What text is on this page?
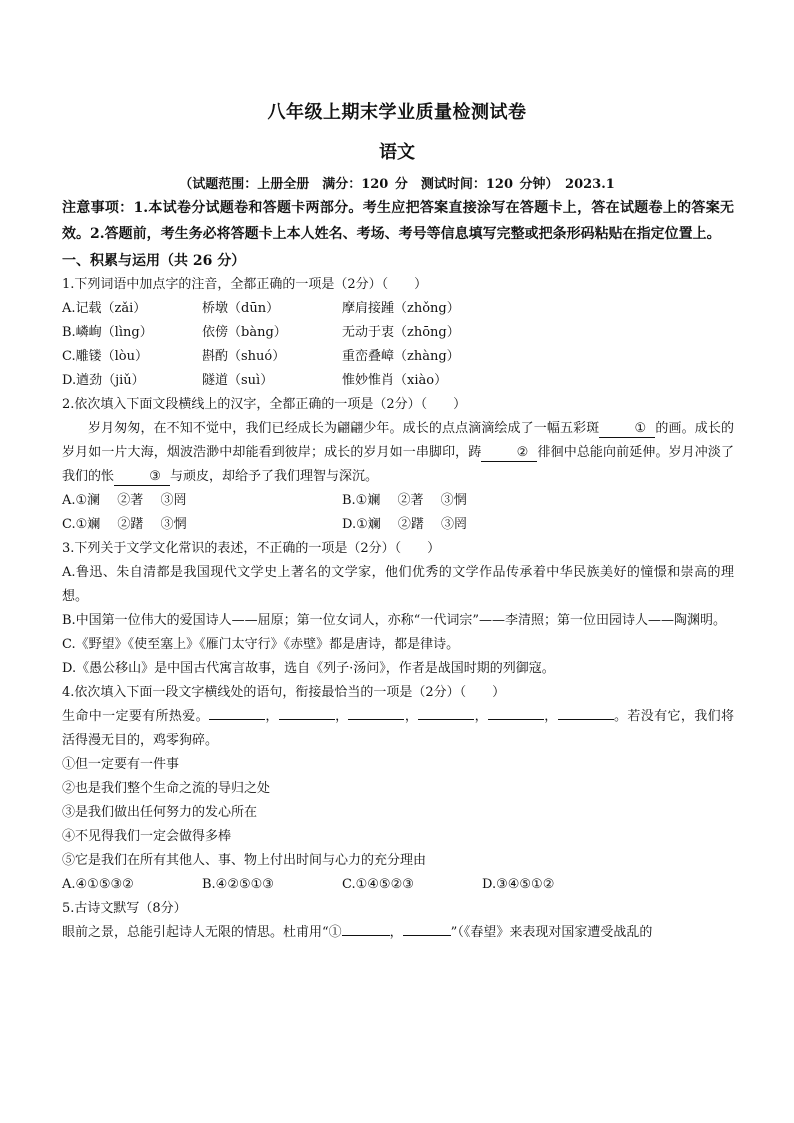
八年级上期末学业质量检测试卷
语文
（试题范围：上册全册　满分：120 分　测试时间：120 分钟）　2023.1

注意事项：1.本试卷分试题卷和答题卡两部分。考生应把答案直接涂写在答题卡上，答在试题卷上的答案无效。2.答题前，考生务必将答题卡上本人姓名、考场、考号等信息填写完整或把条形码粘贴在指定位置上。

一、积累与运用（共 26 分）

1.下列词语中加点字的注音，全都正确的一项是（2分）（　　）

A.记载（zǎi）	桥墩（dūn）	摩肩接踵（zhǒng）
B.嶙峋（lìng）	依傍（bàng）	无动于衷（zhōng）
C.雕镂（lòu）	斟酌（shuó）	重峦叠嶂（zhàng）
D.遒劲（jiǔ）	隧道（suì）	惟妙惟肖（xiào）

2.依次填入下面文段横线上的汉字，全都正确的一项是（2分）（　　）

岁月匆匆，在不知不觉中，我们已经成长为翩翩少年。成长的点点滴滴绘成了一幅五彩斑	① 的画。成长的岁月如一片大海，烟波浩渺中却能看到彼岸；成长的岁月如一串脚印，踌	② 徘徊中总能向前延伸。岁月冲淡了我们的怅	③ 与顽皮，却给予了我们理智与深沉。

A.①澜　 ②著　 ③罔	B.①斓　 ②著　 ③惘
C.①斓　 ②躇　 ③惘	D.①斓　 ②躇　 ③罔

3.下列关于文学文化常识的表述，不正确的一项是（2分）（　　）

A.鲁迅、朱自清都是我国现代文学史上著名的文学家，他们优秀的文学作品传承着中华民族美好的憧憬和崇高的理想。

B.中国第一位伟大的爱国诗人——屈原；第一位女词人，亦称“一代词宗”——李清照；第一位田园诗人——陶渊明。

C.《野望》《使至塞上》《雁门太守行》《赤壁》都是唐诗，都是律诗。

D.《愚公移山》是中国古代寓言故事，选自《列子·汤问》，作者是战国时期的列御寇。

4.依次填入下面一段文字横线处的语句，衔接最恰当的一项是（2分）（　　）

生命中一定要有所热爱。	，	，	，	，	，	。若没有它，我们将活得漫无目的，鸡零狗碎。

①但一定要有一件事

②也是我们整个生命之流的导归之处

③是我们做出任何努力的发心所在

④不见得我们一定会做得多棒

⑤它是我们在所有其他人、事、物上付出时间与心力的充分理由

A.④①⑤③②	B.④②⑤①③	C.①④⑤②③	D.③④⑤①②

5.古诗文默写（8分）

眼前之景，总能引起诗人无限的情思。杜甫用“①	，	”（《春望》来表现对国家遭受战乱的
